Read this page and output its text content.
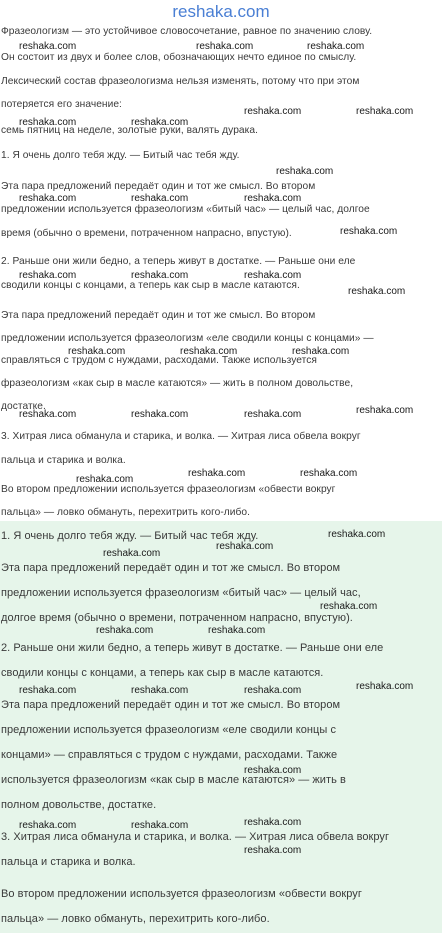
reshaka.com

Фразеологизм — это устойчивое словосочетание, равное по значению слову.

Он состоит из двух и более слов, обозначающих нечто единое по смыслу.

Лексический состав фразеологизма нельзя изменять, потому что при этом

потеряется его значение:

семь пятниц на неделе, золотые руки, валять дурака.

1. Я очень долго тебя жду. — Битый час тебя жду.

Эта пара предложений передаёт один и тот же смысл. Во втором

предложении используется фразеологизм «битый час» — целый час, долгое

время (обычно о времени, потраченном напрасно, впустую).

2. Раньше они жили бедно, а теперь живут в достатке. — Раньше они еле

сводили концы с концами, а теперь как сыр в масле катаются.

Эта пара предложений передаёт один и тот же смысл. Во втором

предложении используется фразеологизм «еле сводили концы с концами» —

справляться с трудом с нуждами, расходами. Также используется

фразеологизм «как сыр в масле катаются» — жить в полном довольстве,

достатке.

3. Хитрая лиса обманула и старика, и волка. — Хитрая лиса обвела вокруг

пальца и старика и волка.

Во втором предложении используется фразеологизм «обвести вокруг

пальца» — ловко обмануть, перехитрить кого-либо.

1. Я очень долго тебя жду. — Битый час тебя жду.

Эта пара предложений передаёт один и тот же смысл. Во втором

предложении используется фразеологизм «битый час» — целый час,

долгое время (обычно о времени, потраченном напрасно, впустую).

2. Раньше они жили бедно, а теперь живут в достатке. — Раньше они еле

сводили концы с концами, а теперь как сыр в масле катаются.

Эта пара предложений передаёт один и тот же смысл. Во втором

предложении используется фразеологизм «еле сводили концы с

концами» — справляться с трудом с нуждами, расходами. Также

используется фразеологизм «как сыр в масле катаются» — жить в

полном довольстве, достатке.

3. Хитрая лиса обманула и старика, и волка. — Хитрая лиса обвела вокруг

пальца и старика и волка.

Во втором предложении используется фразеологизм «обвести вокруг

пальца» — ловко обмануть, перехитрить кого-либо.

reshaka.com	reshaka.com	reshaka.com
reshaka.com	reshaka.com
reshaka.com	reshaka.com
reshaka.com
reshaka.com	reshaka.com	reshaka.com
reshaka.com
reshaka.com	reshaka.com	reshaka.com
reshaka.com
reshaka.com	reshaka.com	reshaka.com
reshaka.com	reshaka.com	reshaka.com	reshaka.com
reshaka.com
reshaka.com	reshaka.com
reshaka.com
reshaka.com
reshaka.com
reshaka.com
reshaka.com	reshaka.com
reshaka.com
reshaka.com	reshaka.com	reshaka.com
reshaka.com
reshaka.com	reshaka.com	reshaka.com
reshaka.com
